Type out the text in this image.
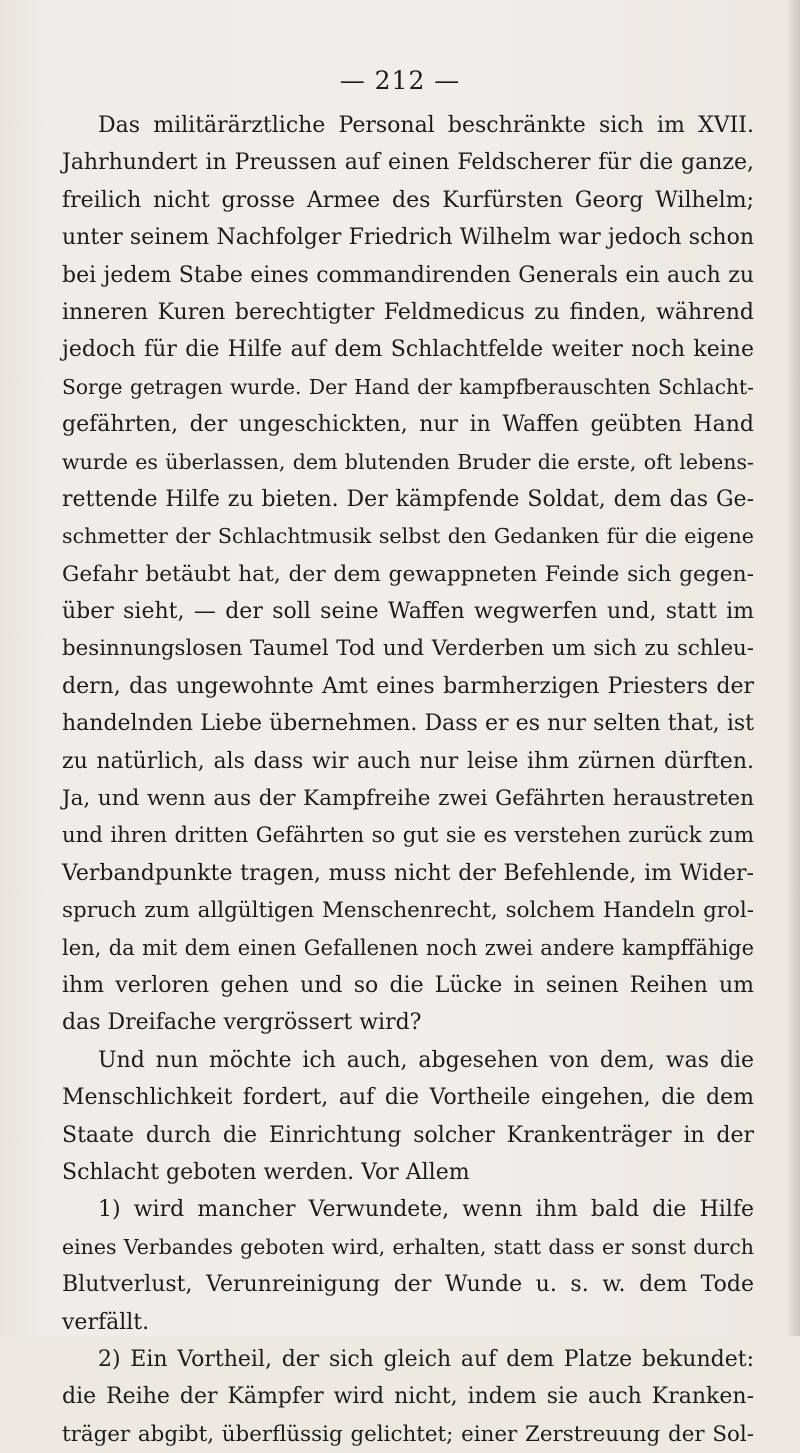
— 212 —
Das militärärztliche Personal beschränkte sich im XVII.
Jahrhundert in Preussen auf einen Feldscherer für die ganze,
freilich nicht grosse Armee des Kurfürsten Georg Wilhelm;
unter seinem Nachfolger Friedrich Wilhelm war jedoch schon
bei jedem Stabe eines commandirenden Generals ein auch zu
inneren Kuren berechtigter Feldmedicus zu finden, während
jedoch für die Hilfe auf dem Schlachtfelde weiter noch keine
Sorge getragen wurde. Der Hand der kampfberauschten Schlacht-
gefährten, der ungeschickten, nur in Waffen geübten Hand
wurde es überlassen, dem blutenden Bruder die erste, oft lebens-
rettende Hilfe zu bieten. Der kämpfende Soldat, dem das Ge-
schmetter der Schlachtmusik selbst den Gedanken für die eigene
Gefahr betäubt hat, der dem gewappneten Feinde sich gegen-
über sieht, — der soll seine Waffen wegwerfen und, statt im
besinnungslosen Taumel Tod und Verderben um sich zu schleu-
dern, das ungewohnte Amt eines barmherzigen Priesters der
handelnden Liebe übernehmen. Dass er es nur selten that, ist
zu natürlich, als dass wir auch nur leise ihm zürnen dürften.
Ja, und wenn aus der Kampfreihe zwei Gefährten heraustreten
und ihren dritten Gefährten so gut sie es verstehen zurück zum
Verbandpunkte tragen, muss nicht der Befehlende, im Wider-
spruch zum allgültigen Menschenrecht, solchem Handeln grol-
len, da mit dem einen Gefallenen noch zwei andere kampffähige
ihm verloren gehen und so die Lücke in seinen Reihen um
das Dreifache vergrössert wird?
Und nun möchte ich auch, abgesehen von dem, was die
Menschlichkeit fordert, auf die Vortheile eingehen, die dem
Staate durch die Einrichtung solcher Krankenträger in der
Schlacht geboten werden. Vor Allem
1) wird mancher Verwundete, wenn ihm bald die Hilfe
eines Verbandes geboten wird, erhalten, statt dass er sonst durch
Blutverlust, Verunreinigung der Wunde u. s. w. dem Tode
verfällt.
2) Ein Vortheil, der sich gleich auf dem Platze bekundet:
die Reihe der Kämpfer wird nicht, indem sie auch Kranken-
träger abgibt, überflüssig gelichtet; einer Zerstreuung der Sol-
